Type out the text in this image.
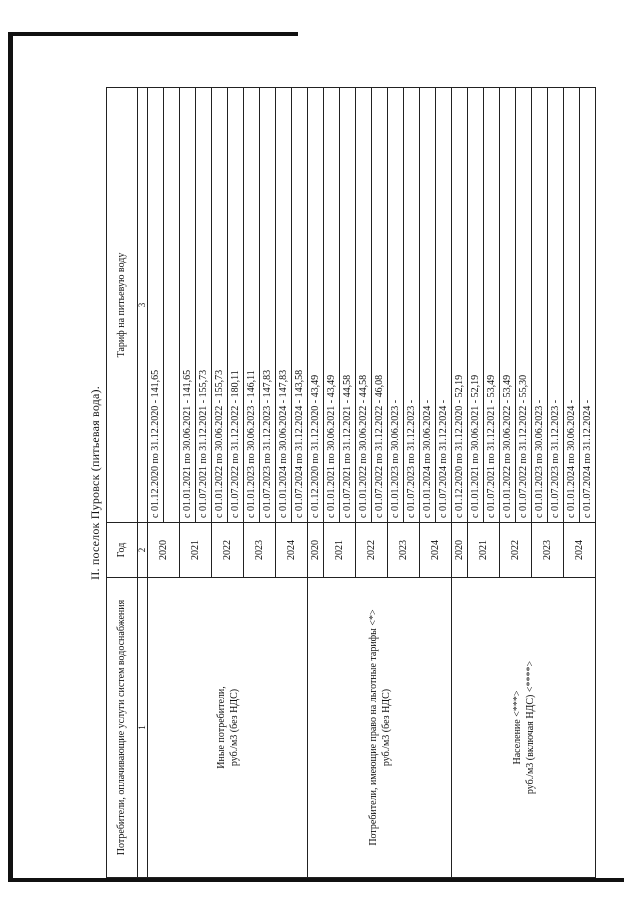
II. поселок Пуровск (питьевая вода).
Потребители, оплачивающие услуги систем водоснабжения	Год	Тариф на питьевую воду
1	2	3

Иные потребители, руб./м3 (без НДС)	2020	с 01.12.2020 по 31.12.2020 - 141,65

	2021	с 01.01.2021 по 30.06.2021 - 141,65
		с 01.07.2021 по 31.12.2021 - 155,73
	2022	с 01.01.2022 по 30.06.2022 - 155,73
		с 01.07.2022 по 31.12.2022 - 180,11
	2023	с 01.01.2023 по 30.06.2023 - 146,11
		с 01.07.2023 по 31.12.2023 - 147,83
	2024	с 01.01.2024 по 30.06.2024 - 147,83
		с 01.07.2024 по 31.12.2024 - 143,58

Потребители, имеющие право на льготные тарифы <*> руб./м3 (без НДС)	2020	с 01.12.2020 по 31.12.2020 - 43,49
	2021	с 01.01.2021 по 30.06.2021 - 43,49
		с 01.07.2021 по 31.12.2021 - 44,58
	2022	с 01.01.2022 по 30.06.2022 - 44,58
		с 01.07.2022 по 31.12.2022 - 46,08
	2023	с 01.01.2023 по 30.06.2023 -
		с 01.07.2023 по 31.12.2023 -
	2024	с 01.01.2024 по 30.06.2024 -
		с 01.07.2024 по 31.12.2024 -

Население <***> руб./м3 (включая НДС) <****>	2020	с 01.12.2020 по 31.12.2020 - 52,19
	2021	с 01.01.2021 по 30.06.2021 - 52,19
		с 01.07.2021 по 31.12.2021 - 53,49
	2022	с 01.01.2022 по 30.06.2022 - 53,49
		с 01.07.2022 по 31.12.2022 - 55,30
	2023	с 01.01.2023 по 30.06.2023 -
		с 01.07.2023 по 31.12.2023 -
	2024	с 01.01.2024 по 30.06.2024 -
		с 01.07.2024 по 31.12.2024 -
